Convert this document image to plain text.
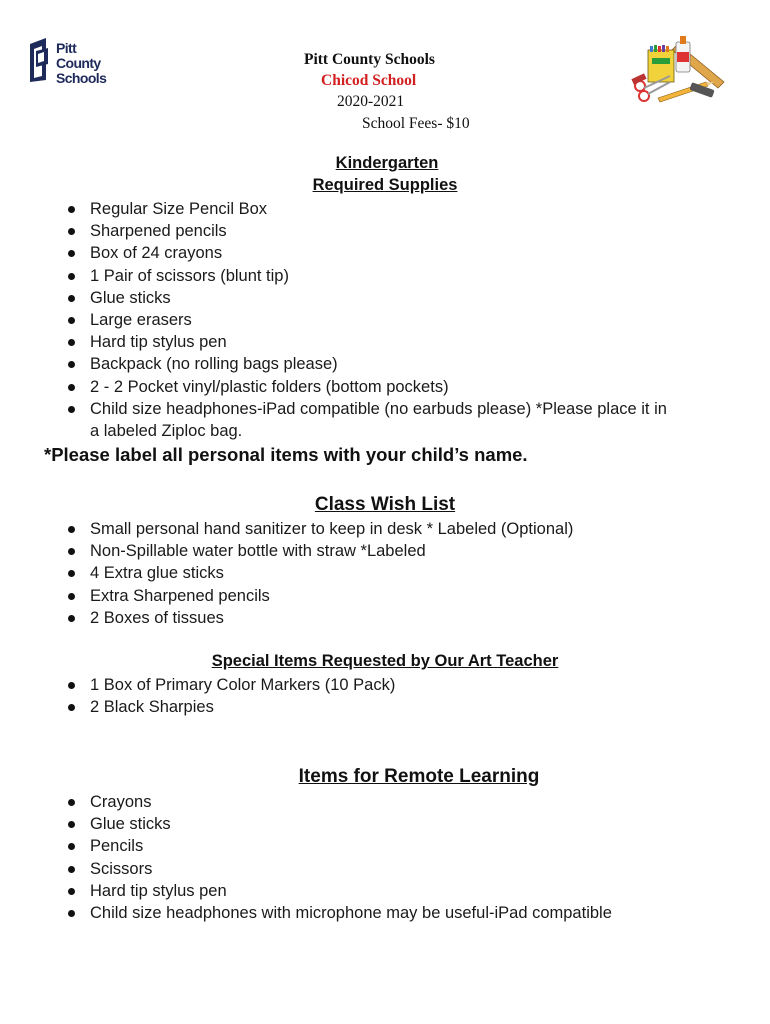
Pitt County
Schools
Pitt County Schools
Chicod School
2020-2021
School Fees- $10
Kindergarten
Required Supplies
Regular Size Pencil Box
Sharpened pencils
Box of 24 crayons
1 Pair of scissors (blunt tip)
Glue sticks
Large erasers
Hard tip stylus pen
Backpack (no rolling bags please)
2 - 2 Pocket vinyl/plastic folders (bottom pockets)
Child size headphones-iPad compatible (no earbuds please) *Please place it in a labeled Ziploc bag.
*Please label all personal items with your child’s name.
Class Wish List
Small personal hand sanitizer to keep in desk * Labeled (Optional)
Non-Spillable water bottle with straw *Labeled
4 Extra glue sticks
Extra Sharpened pencils
2 Boxes of tissues
Special Items Requested by Our Art Teacher
1 Box of Primary Color Markers (10 Pack)
2 Black Sharpies
Items for Remote Learning
Crayons
Glue sticks
Pencils
Scissors
Hard tip stylus pen
Child size headphones with microphone may be useful-iPad compatible
